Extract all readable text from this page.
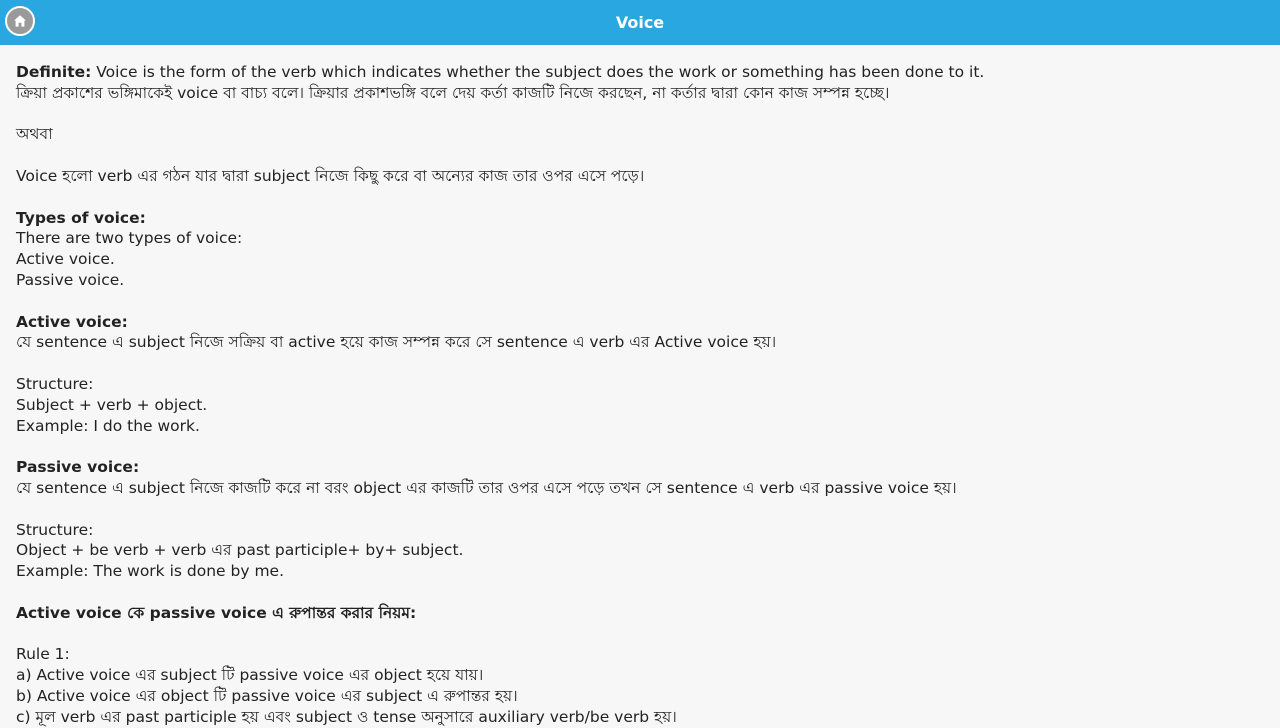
Voice
Definite: Voice is the form of the verb which indicates whether the subject does the work or something has been done to it.
ক্রিয়া প্রকাশের ভঙ্গিমাকেই voice বা বাচ্য বলে। ক্রিয়ার প্রকাশভঙ্গি বলে দেয় কর্তা কাজটি নিজে করছেন, না কর্তার দ্বারা কোন কাজ সম্পন্ন হচ্ছে।
অথবা
Voice হলো verb এর গঠন যার দ্বারা subject নিজে কিছু করে বা অন্যের কাজ তার ওপর এসে পড়ে।
Types of voice:
There are two types of voice:
Active voice.
Passive voice.
Active voice:
যে sentence এ subject নিজে সক্রিয় বা active হয়ে কাজ সম্পন্ন করে সে sentence এ verb এর Active voice হয়।
Structure:
Subject + verb + object.
Example: I do the work.
Passive voice:
যে sentence এ subject নিজে কাজটি করে না বরং object এর কাজটি তার ওপর এসে পড়ে তখন সে sentence এ verb এর passive voice হয়।
Structure:
Object + be verb + verb এর past participle+ by+ subject.
Example: The work is done by me.
Active voice কে passive voice এ রুপান্তর করার নিয়ম:
Rule 1:
a) Active voice এর subject টি passive voice এর object হয়ে যায়।
b) Active voice এর object টি passive voice এর subject এ রুপান্তর হয়।
c) মূল verb এর past participle হয় এবং subject ও tense অনুসারে auxiliary verb/be verb হয়।
